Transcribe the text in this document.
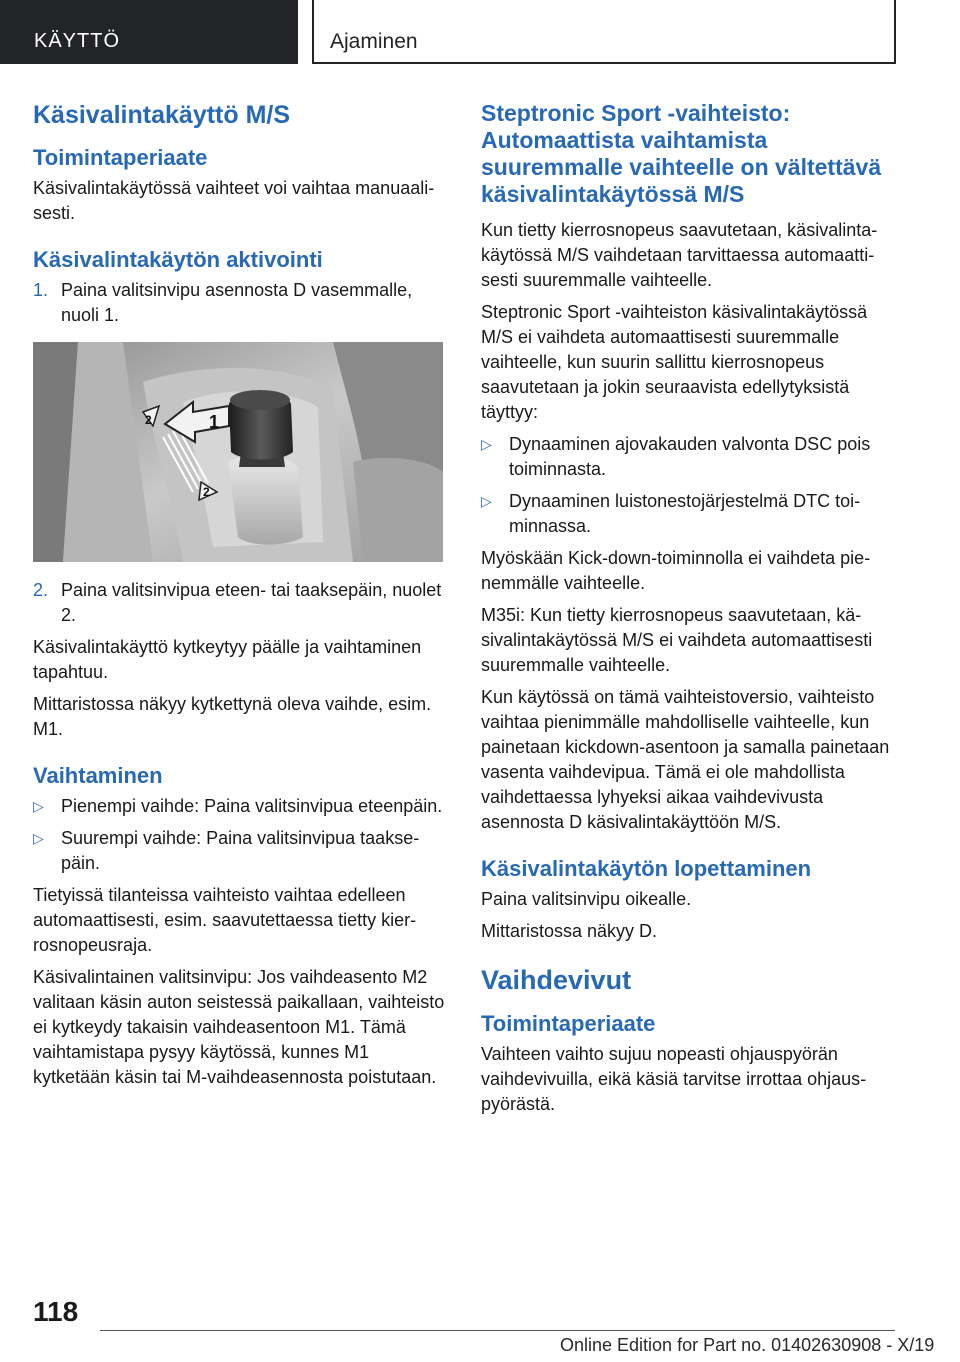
KÄYTTÖ	Ajaminen
Käsivalintakäyttö M/S
Toimintaperiaate

Käsivalintakäytössä vaihteet voi vaihtaa manuaalisesti.

Käsivalintakäytön aktivointi
1. Paina valitsinvipu asennosta D vasemmalle, nuoli 1.
1
2
2
2. Paina valitsinvipua eteen- tai taaksepäin, nuolet 2.

Käsivalintakäyttö kytkeytyy päälle ja vaihtaminen tapahtuu.

Mittaristossa näkyy kytkettynä oleva vaihde, esim. M1.

Vaihtaminen
▷ Pienempi vaihde: Paina valitsinvipua eteenpäin.
▷ Suurempi vaihde: Paina valitsinvipua taaksepäin.

Tietyissä tilanteissa vaihteisto vaihtaa edelleen automaattisesti, esim. saavutettaessa tietty kierrosnopeusraja.

Käsivalintainen valitsinvipu: Jos vaihdeasento M2 valitaan käsin auton seistessä paikallaan, vaihteisto ei kytkeydy takaisin vaihdeasentoon M1. Tämä vaihtamistapa pysyy käytössä, kunnes M1 kytketään käsin tai M-vaihdeasennosta poistutaan.

Steptronic Sport -vaihteisto: Automaattista vaihtamista suuremmalle vaihteelle on vältettävä käsivalintakäytössä M/S

Kun tietty kierrosnopeus saavutetaan, käsivalintakäytössä M/S vaihdetaan tarvittaessa automaattisesti suuremmalle vaihteelle.

Steptronic Sport -vaihteiston käsivalintakäytössä M/S ei vaihdeta automaattisesti suuremmalle vaihteelle, kun suurin sallittu kierrosnopeus saavutetaan ja jokin seuraavista edellytyksistä täyttyy:

▷ Dynaaminen ajovakauden valvonta DSC pois toiminnasta.
▷ Dynaaminen luistonestojärjestelmä DTC toiminnassa.

Myöskään Kick-down-toiminnolla ei vaihdeta pienemmälle vaihteelle.

M35i: Kun tietty kierrosnopeus saavutetaan, käsivalintakäytössä M/S ei vaihdeta automaattisesti suuremmalle vaihteelle.

Kun käytössä on tämä vaihteistoversio, vaihteisto vaihtaa pienimmälle mahdolliselle vaihteelle, kun painetaan kickdown-asentoon ja samalla painetaan vasenta vaihdevipua. Tämä ei ole mahdollista vaihdettaessa lyhyeksi aikaa vaihdevivusta asennosta D käsivalintakäyttöön M/S.

Käsivalintakäytön lopettaminen

Paina valitsinvipu oikealle.

Mittaristossa näkyy D.

Vaihdevivut
Toimintaperiaate

Vaihteen vaihto sujuu nopeasti ohjauspyörän vaihdevivuilla, eikä käsiä tarvitse irrottaa ohjauspyörästä.

118
Online Edition for Part no. 01402630908 - X/19
